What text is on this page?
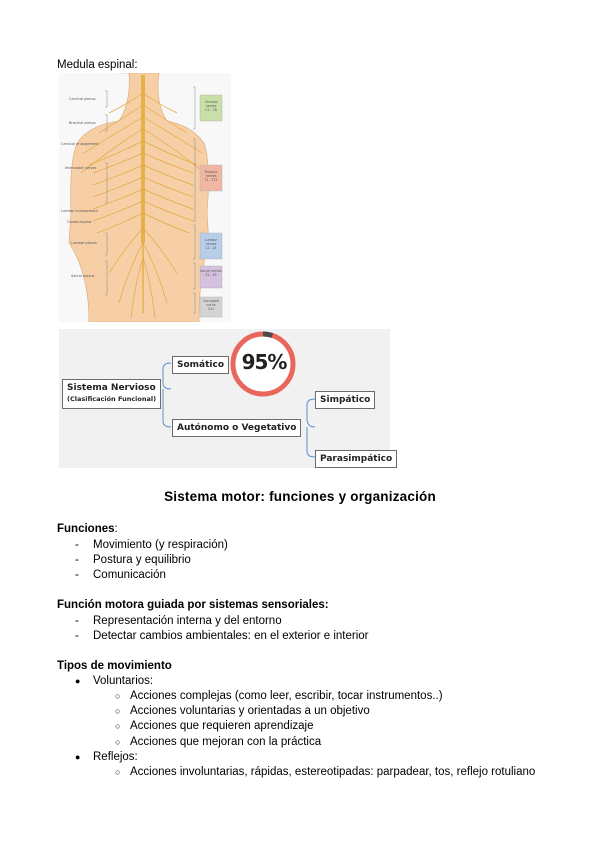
Medula espinal:
Cervical plexus
Brachial plexus
Cervical enlargement
Intercostal nerves
Lumbar enlargement
Cauda equina
Lumbar plexus
Sacral plexus
Cervical nerves
C1 - C8
Thoracic nerves
T1 - T12
Lumbar nerves
L1 - L5
Sacral nerves
S1 - S5
Coccygeal nerve
Co1
Sistema Nervioso
(Clasificación Funcional)
Somático
Autónomo o Vegetativo
Simpático
Parasimpático
95%
Sistema motor: funciones y organización
Funciones:
- Movimiento (y respiración)
- Postura y equilibrio
- Comunicación
Función motora guiada por sistemas sensoriales:
- Representación interna y del entorno
- Detectar cambios ambientales: en el exterior e interior
Tipos de movimiento
● Voluntarios:
○ Acciones complejas (como leer, escribir, tocar instrumentos..)
○ Acciones voluntarias y orientadas a un objetivo
○ Acciones que requieren aprendizaje
○ Acciones que mejoran con la práctica
● Reflejos:
○ Acciones involuntarias, rápidas, estereotipadas: parpadear, tos, reflejo rotuliano
